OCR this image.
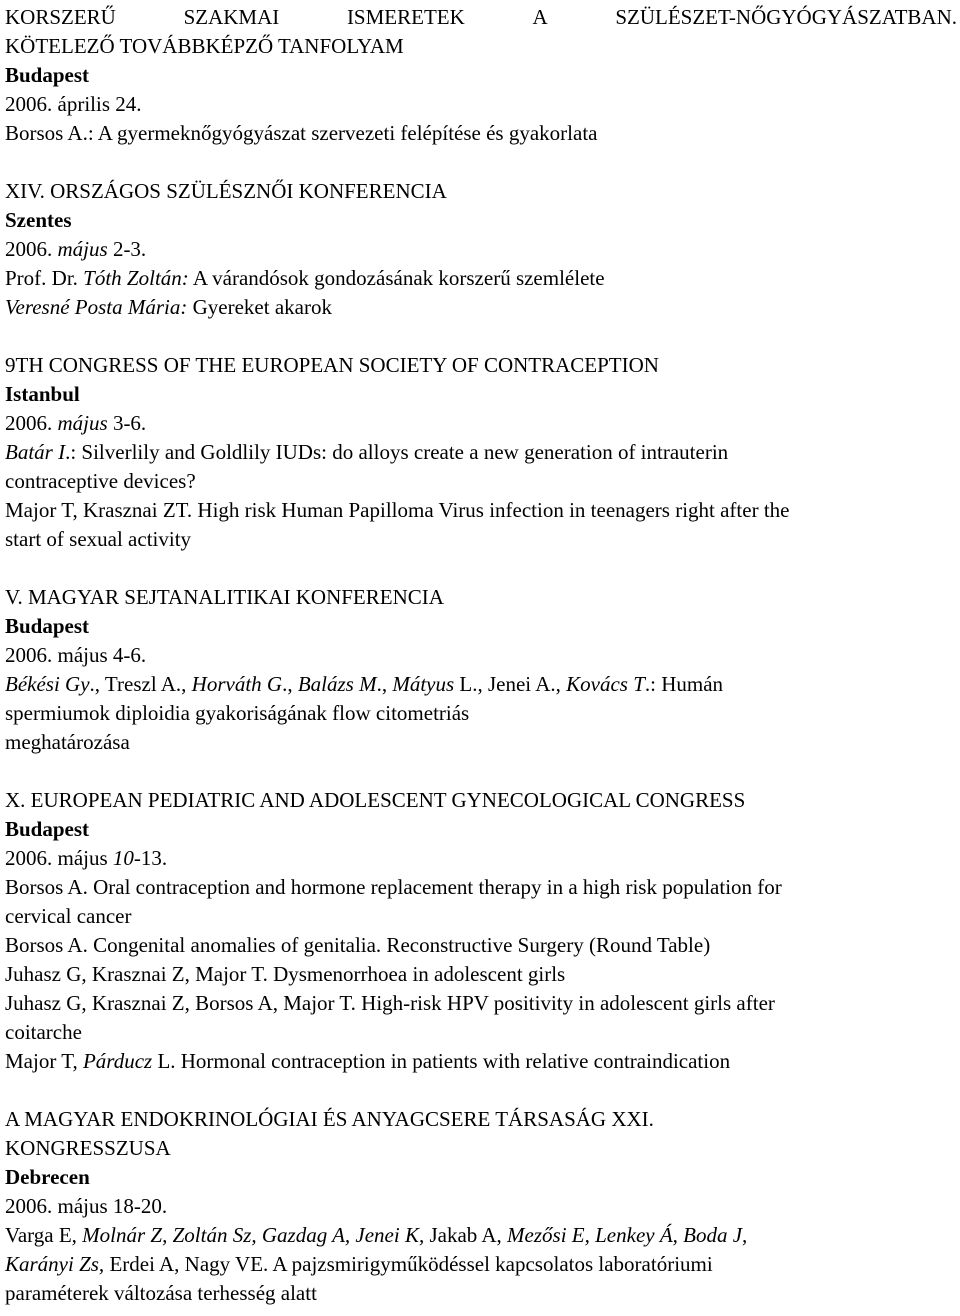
KORSZERŰ	SZAKMAI	ISMERETEK	A	SZÜLÉSZET-NŐGYÓGYÁSZATBAN.
KÖTELEZŐ TOVÁBBKÉPZŐ TANFOLYAM
Budapest
2006. április 24.
Borsos A.: A gyermeknőgyógyászat szervezeti felépítése és gyakorlata
XIV. ORSZÁGOS SZÜLÉSZNŐI KONFERENCIA
Szentes
2006. május 2-3.
Prof. Dr. Tóth Zoltán: A várandósok gondozásának korszerű szemlélete
Veresné Posta Mária: Gyereket akarok
9TH CONGRESS OF THE EUROPEAN SOCIETY OF CONTRACEPTION
Istanbul
2006. május 3-6.
Batár I.: Silverlily and Goldlily IUDs: do alloys create a new generation of intrauterin
contraceptive devices?
Major T, Krasznai ZT. High risk Human Papilloma Virus infection in teenagers right after the
start of sexual activity
V. MAGYAR SEJTANALITIKAI KONFERENCIA
Budapest
2006. május 4-6.
Békési Gy., Treszl A., Horváth G., Balázs M., Mátyus L., Jenei A., Kovács T.: Humán
spermiumok diploidia gyakoriságának flow citometriás
meghatározása
X. EUROPEAN PEDIATRIC AND ADOLESCENT GYNECOLOGICAL CONGRESS
Budapest
2006. május 10-13.
Borsos A. Oral contraception and hormone replacement therapy in a high risk population for
cervical cancer
Borsos A. Congenital anomalies of genitalia. Reconstructive Surgery (Round Table)
Juhasz G, Krasznai Z, Major T. Dysmenorrhoea in adolescent girls
Juhasz G, Krasznai Z, Borsos A, Major T. High-risk HPV positivity in adolescent girls after
coitarche
Major T, Párducz L. Hormonal contraception in patients with relative contraindication
A MAGYAR ENDOKRINOLÓGIAI ÉS ANYAGCSERE TÁRSASÁG XXI.
KONGRESSZUSA
Debrecen
2006. május 18-20.
Varga E, Molnár Z, Zoltán Sz, Gazdag A, Jenei K, Jakab A, Mezősi E, Lenkey Á, Boda J,
Karányi Zs, Erdei A, Nagy VE. A pajzsmirigyműködéssel kapcsolatos laboratóriumi
paraméterek változása terhesség alatt
